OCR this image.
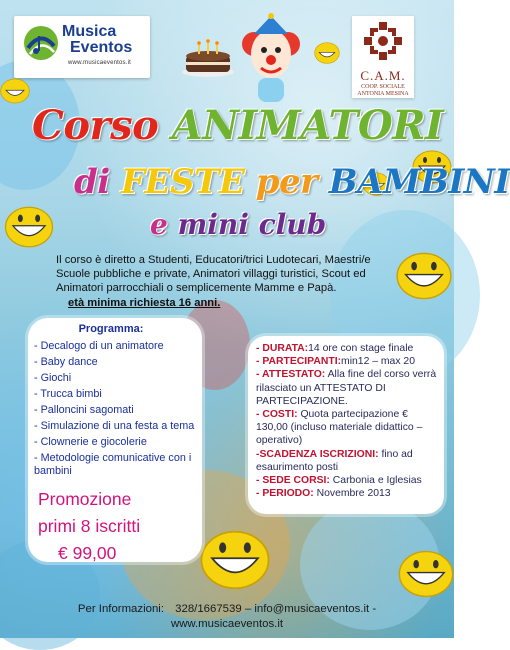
Musica
Eventos
www.musicaeventos.it
C.A.M.
COOP. SOCIALE
ANTONIA MESINA
Corso ANIMATORI
di FESTE per BAMBINI
e mini club
Il corso è diretto a Studenti, Educatori/trici Ludotecari, Maestri/e Scuole pubbliche e private, Animatori villaggi turistici, Scout ed Animatori parrocchiali o semplicemente Mamme e Papà.
età minima richiesta 16 anni.
Programma:
- Decalogo di un animatore
- Baby dance
- Giochi
- Trucca bimbi
- Palloncini sagomati
- Simulazione di una festa a tema
- Clownerie e giocolerie
- Metodologie comunicative con i bambini
Promozione
primi 8 iscritti
€ 99,00
- DURATA:14 ore con stage finale
- PARTECIPANTI:min12 – max 20
- ATTESTATO: Alla fine del corso verrà rilasciato un ATTESTATO DI PARTECIPAZIONE.
- COSTI: Quota partecipazione € 130,00 (incluso materiale didattico – operativo)
-SCADENZA ISCRIZIONI: fino ad esaurimento posti
- SEDE CORSI: Carbonia e Iglesias
- PERIODO: Novembre 2013
Per Informazioni: 328/1667539 – info@musicaeventos.it -
www.musicaeventos.it
